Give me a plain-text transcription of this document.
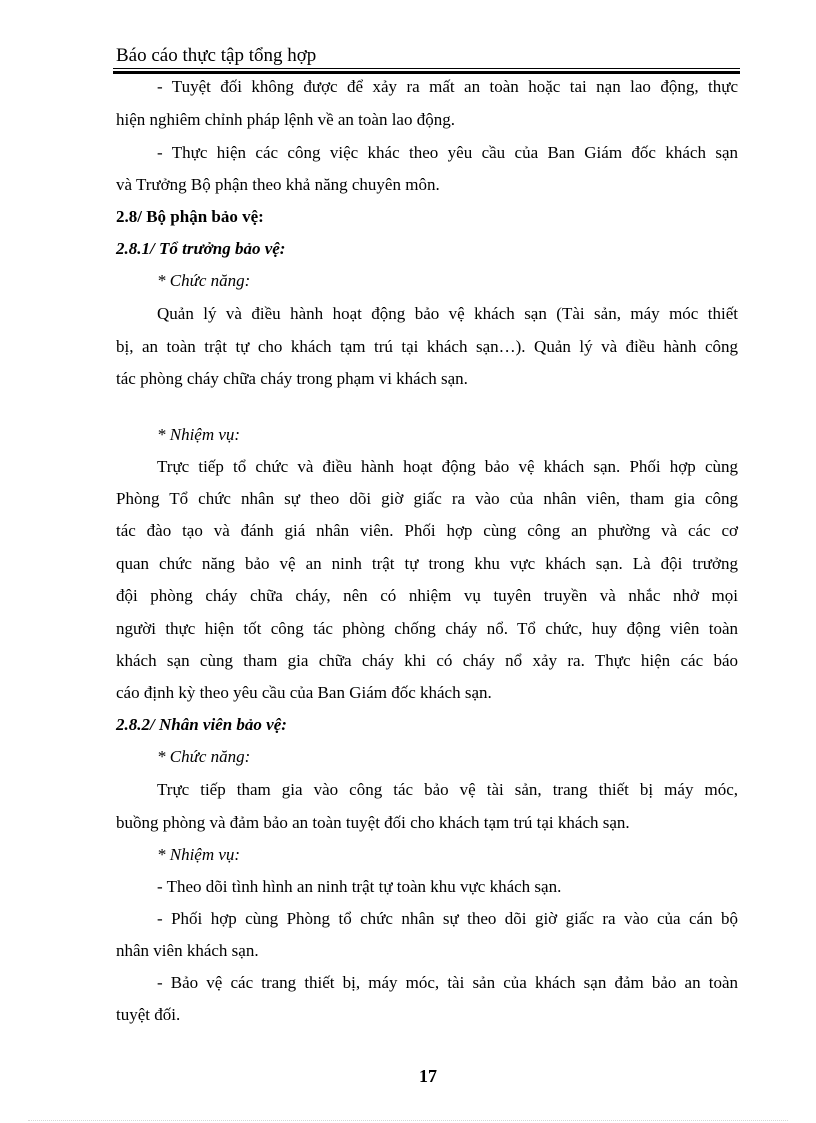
Báo cáo thực tập tổng hợp
- Tuyệt đối không được để xảy ra mất an toàn hoặc tai nạn lao động, thực
hiện nghiêm chỉnh pháp lệnh về an toàn lao động.
- Thực hiện các công việc khác theo yêu cầu của Ban Giám đốc khách sạn
và Trưởng Bộ phận theo khả năng chuyên môn.
2.8/ Bộ phận bảo vệ:
2.8.1/ Tổ trưởng bảo vệ:
* Chức năng:
Quản lý và điều hành hoạt động bảo vệ khách sạn (Tài sản, máy móc thiết
bị, an toàn trật tự cho khách tạm trú tại khách sạn…). Quản lý và điều hành công
tác phòng cháy chữa cháy trong phạm vi khách sạn.
* Nhiệm vụ:
Trực tiếp tổ chức và điều hành hoạt động bảo vệ khách sạn. Phối hợp cùng
Phòng Tổ chức nhân sự theo dõi giờ giấc ra vào của nhân viên, tham gia công
tác đào tạo và đánh giá nhân viên. Phối hợp cùng công an phường và các cơ
quan chức năng bảo vệ an ninh trật tự trong khu vực khách sạn. Là đội trưởng
đội phòng cháy chữa cháy, nên có nhiệm vụ tuyên truyền và nhắc nhở mọi
người thực hiện tốt công tác phòng chống cháy nổ. Tổ chức, huy động viên toàn
khách sạn cùng tham gia chữa cháy khi có cháy nổ xảy ra. Thực hiện các báo
cáo định kỳ theo yêu cầu của Ban Giám đốc khách sạn.
2.8.2/ Nhân viên bảo vệ:
* Chức năng:
Trực tiếp tham gia vào công tác bảo vệ tài sản, trang thiết bị máy móc,
buồng phòng và đảm bảo an toàn tuyệt đối cho khách tạm trú tại khách sạn.
* Nhiệm vụ:
- Theo dõi tình hình an ninh trật tự toàn khu vực khách sạn.
- Phối hợp cùng Phòng tổ chức nhân sự theo dõi giờ giấc ra vào của cán bộ
nhân viên khách sạn.
- Bảo vệ các trang thiết bị, máy móc, tài sản của khách sạn đảm bảo an toàn
tuyệt đối.
17
